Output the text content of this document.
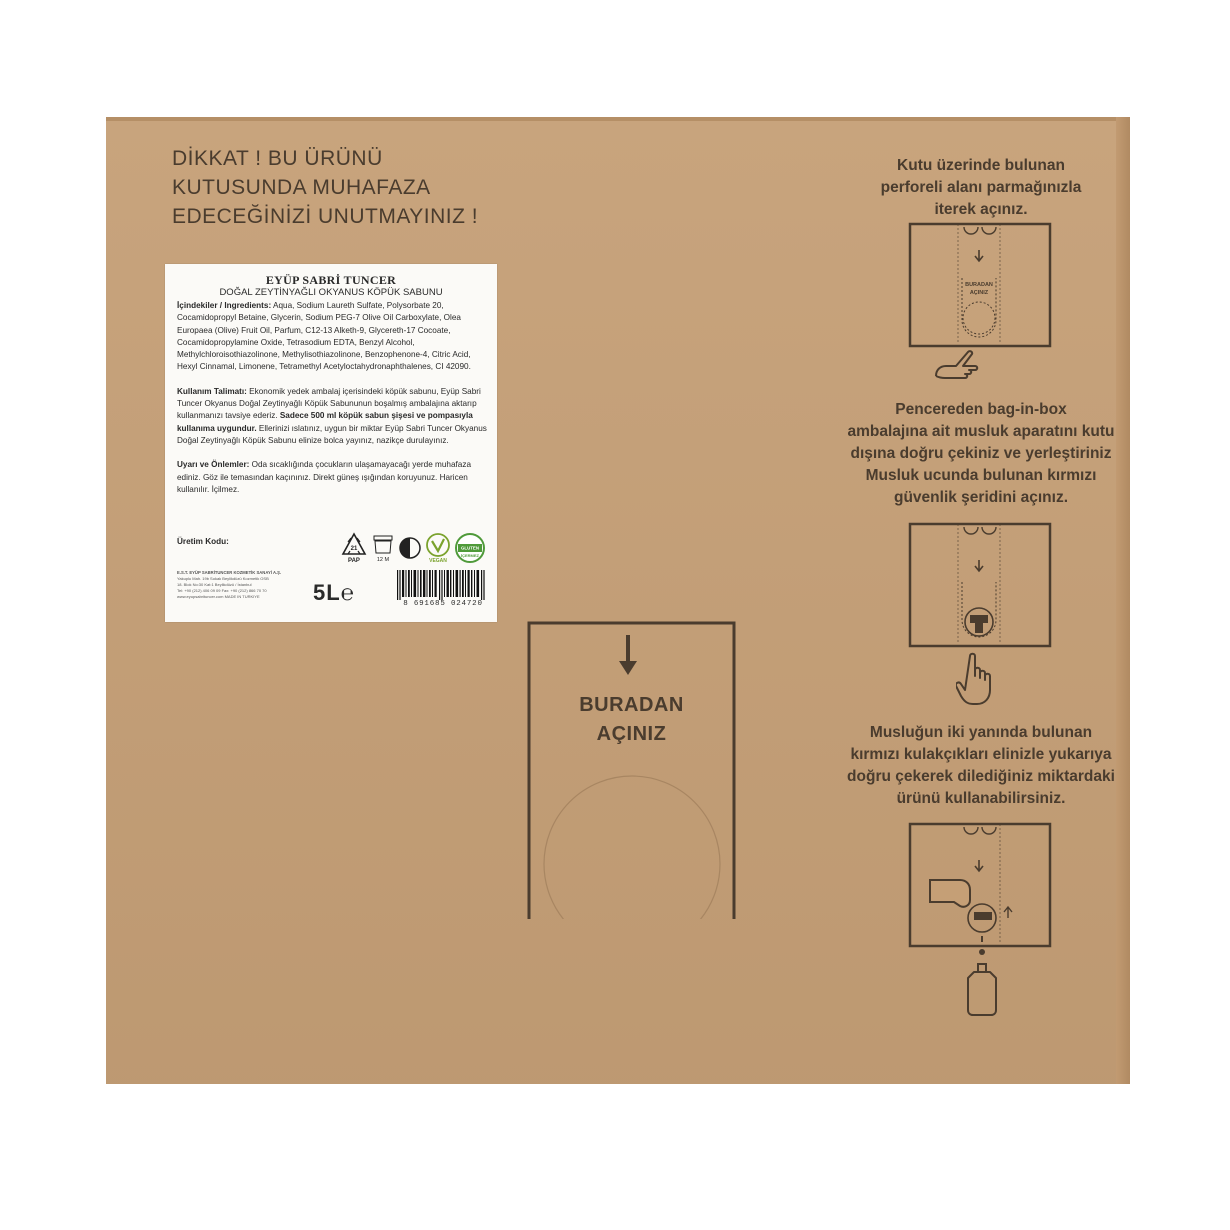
DİKKAT ! BU ÜRÜNÜ
KUTUSUNDA MUHAFAZA
EDECEĞİNİZİ UNUTMAYINIZ !
EYÜP SABRİ TUNCER
DOĞAL ZEYTİNYAĞLI OKYANUS KÖPÜK SABUNU

İçindekiler / Ingredients: Aqua, Sodium Laureth Sulfate, Polysorbate 20, Cocamidopropyl Betaine, Glycerin, Sodium PEG-7 Olive Oil Carboxylate, Olea Europaea (Olive) Fruit Oil, Parfum, C12-13 Alketh-9, Glycereth-17 Cocoate, Cocamidopropylamine Oxide, Tetrasodium EDTA, Benzyl Alcohol, Methylchloroisothiazolinone, Methylisothiazolinone, Benzophenone-4, Citric Acid, Hexyl Cinnamal, Limonene, Tetramethyl Acetyloctahydronaphthalenes, CI 42090.

Kullanım Talimatı: Ekonomik yedek ambalaj içerisindeki köpük sabunu, Eyüp Sabri Tuncer Okyanus Doğal Zeytinyağlı Köpük Sabununun boşalmış ambalajına aktarıp kullanmanızı tavsiye ederiz. Sadece 500 ml köpük sabun şişesi ve pompasıyla kullanıma uygundur. Ellerinizi ıslatınız, uygun bir miktar Eyüp Sabri Tuncer Okyanus Doğal Zeytinyağlı Köpük Sabunu elinize bolca yayınız, nazikçe durulayınız.

Uyarı ve Önlemler: Oda sıcaklığında çocukların ulaşamayacağı yerde muhafaza ediniz. Göz ile temasından kaçınınız. Direkt güneş ışığından koruyunuz. Haricen kullanılır. İçilmez.

Üretim Kodu:
21
PAP	12 M	VEGAN
GLUTEN
İÇERMEZ
E.S.T. EYÜP SABRİTUNCER KOZMETİK SANAYİ A.Ş.
Yakuplu Mah. 19b Sokak Beylikdüzü Kozmetik OSB
18. Blok No:30 Kat:1 Beylikdüzü / İstanbul
Tel: +90 (212) 406 09 09 Fax: +90 (212) 866 70 70
www.eyupsabrituncer.com MADE IN TURKIYE	5L℮	8 691685 024720
BURADAN
AÇINIZ
Kutu üzerinde bulunan
perforeli alanı parmağınızla
iterek açınız.
BURADAN
AÇINIZ
Pencereden bag-in-box
ambalajına ait musluk aparatını kutu
dışına doğru çekiniz ve yerleştiriniz
Musluk ucunda bulunan kırmızı
güvenlik şeridini açınız.
Musluğun iki yanında bulunan
kırmızı kulakçıkları elinizle yukarıya
doğru çekerek dilediğiniz miktardaki
ürünü kullanabilirsiniz.
